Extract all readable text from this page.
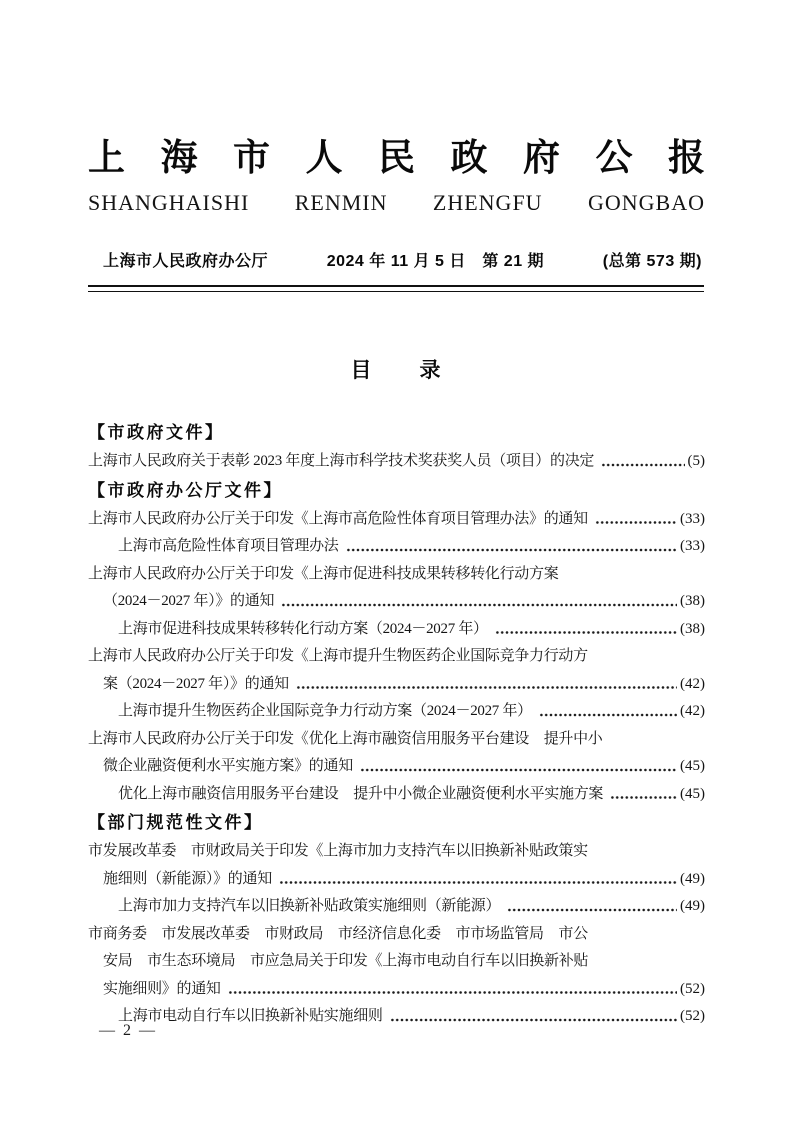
上 海 市 人 民 政 府 公 报
SHANGHAISHI RENMIN ZHENGFU GONGBAO
上海市人民政府办公厅	2024 年 11 月 5 日　第 21 期	(总第 573 期)
目　　录
【市政府文件】
上海市人民政府关于表彰 2023 年度上海市科学技术奖获奖人员（项目）的决定	(5)
【市政府办公厅文件】
上海市人民政府办公厅关于印发《上海市高危险性体育项目管理办法》的通知	(33)
上海市高危险性体育项目管理办法	(33)
上海市人民政府办公厅关于印发《上海市促进科技成果转移转化行动方案
（2024－2027 年）》的通知	(38)
上海市促进科技成果转移转化行动方案（2024－2027 年）	(38)
上海市人民政府办公厅关于印发《上海市提升生物医药企业国际竞争力行动方
案（2024－2027 年）》的通知	(42)
上海市提升生物医药企业国际竞争力行动方案（2024－2027 年）	(42)
上海市人民政府办公厅关于印发《优化上海市融资信用服务平台建设　提升中小
微企业融资便利水平实施方案》的通知	(45)
优化上海市融资信用服务平台建设　提升中小微企业融资便利水平实施方案	(45)
【部门规范性文件】
市发展改革委　市财政局关于印发《上海市加力支持汽车以旧换新补贴政策实
施细则（新能源）》的通知	(49)
上海市加力支持汽车以旧换新补贴政策实施细则（新能源）	(49)
市商务委　市发展改革委　市财政局　市经济信息化委　市市场监管局　市公
安局　市生态环境局　市应急局关于印发《上海市电动自行车以旧换新补贴
实施细则》的通知	(52)
上海市电动自行车以旧换新补贴实施细则	(52)
— 2 —
